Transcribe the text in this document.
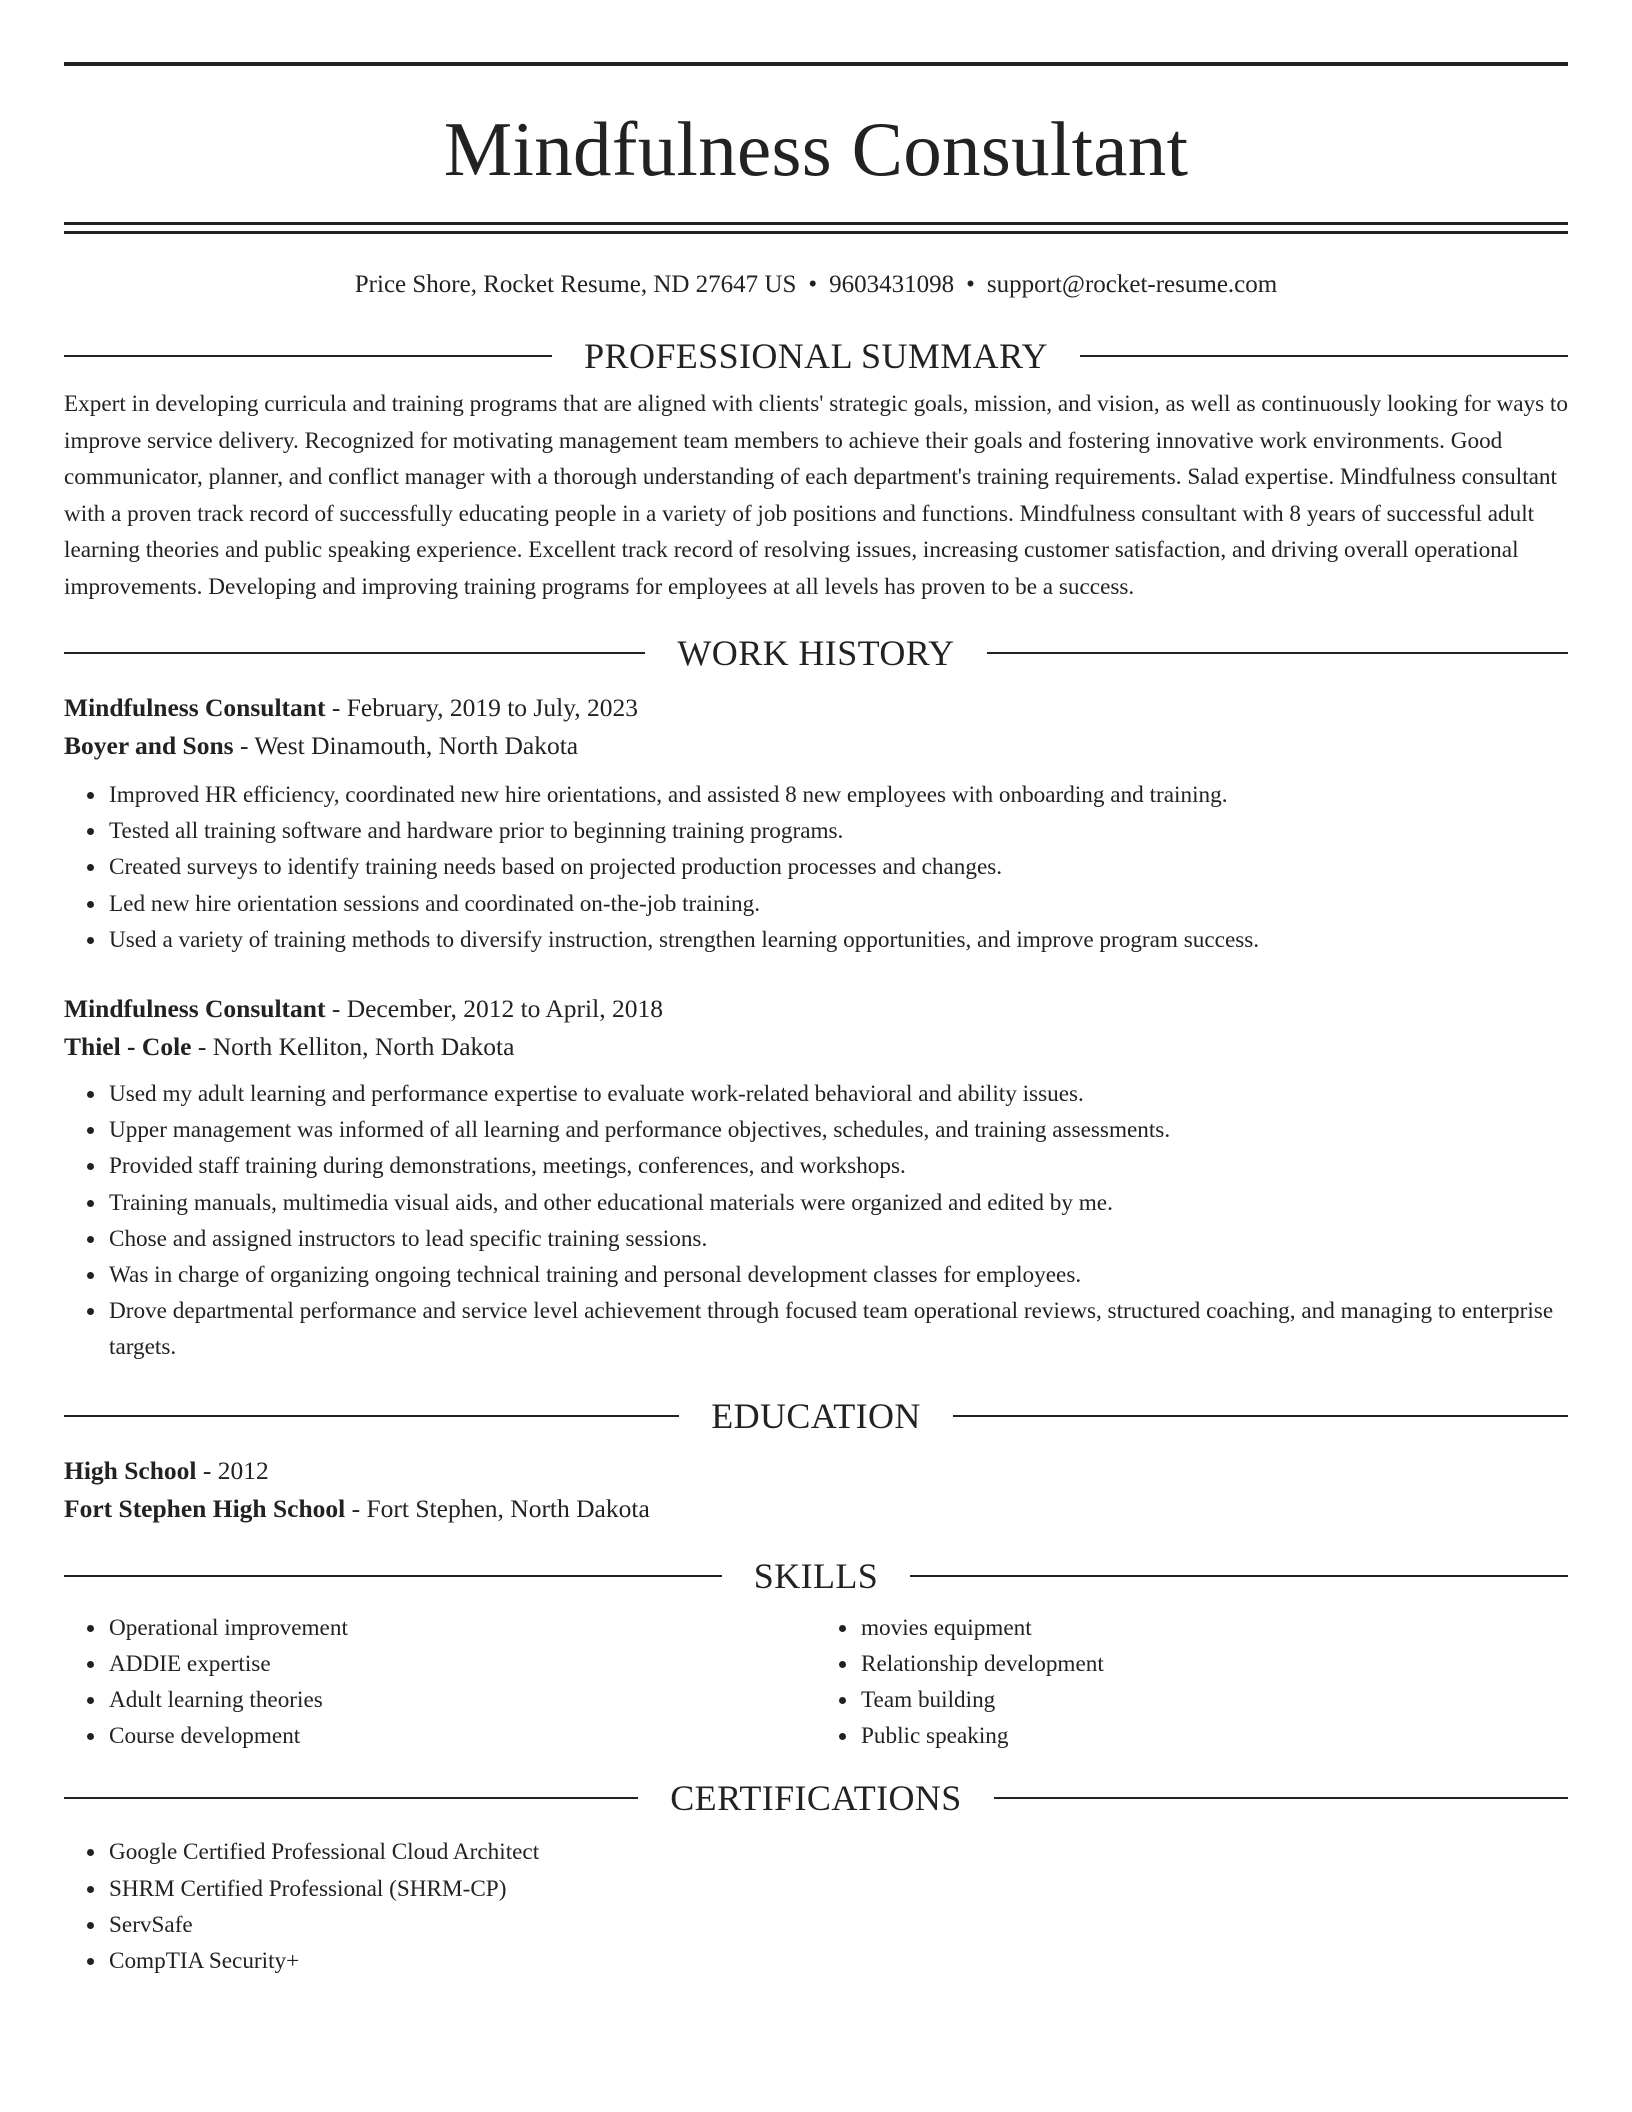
Mindfulness Consultant
Price Shore, Rocket Resume, ND 27647 US • 9603431098 • support@rocket-resume.com
PROFESSIONAL SUMMARY
Expert in developing curricula and training programs that are aligned with clients' strategic goals, mission, and vision, as well as continuously looking for ways to improve service delivery. Recognized for motivating management team members to achieve their goals and fostering innovative work environments. Good communicator, planner, and conflict manager with a thorough understanding of each department's training requirements. Salad expertise. Mindfulness consultant with a proven track record of successfully educating people in a variety of job positions and functions. Mindfulness consultant with 8 years of successful adult learning theories and public speaking experience. Excellent track record of resolving issues, increasing customer satisfaction, and driving overall operational improvements. Developing and improving training programs for employees at all levels has proven to be a success.
WORK HISTORY
Mindfulness Consultant - February, 2019 to July, 2023
Boyer and Sons - West Dinamouth, North Dakota
• Improved HR efficiency, coordinated new hire orientations, and assisted 8 new employees with onboarding and training.
• Tested all training software and hardware prior to beginning training programs.
• Created surveys to identify training needs based on projected production processes and changes.
• Led new hire orientation sessions and coordinated on-the-job training.
• Used a variety of training methods to diversify instruction, strengthen learning opportunities, and improve program success.
Mindfulness Consultant - December, 2012 to April, 2018
Thiel - Cole - North Kelliton, North Dakota
• Used my adult learning and performance expertise to evaluate work-related behavioral and ability issues.
• Upper management was informed of all learning and performance objectives, schedules, and training assessments.
• Provided staff training during demonstrations, meetings, conferences, and workshops.
• Training manuals, multimedia visual aids, and other educational materials were organized and edited by me.
• Chose and assigned instructors to lead specific training sessions.
• Was in charge of organizing ongoing technical training and personal development classes for employees.
• Drove departmental performance and service level achievement through focused team operational reviews, structured coaching, and managing to enterprise targets.
EDUCATION
High School - 2012
Fort Stephen High School - Fort Stephen, North Dakota
SKILLS
• Operational improvement
• ADDIE expertise
• Adult learning theories
• Course development
• movies equipment
• Relationship development
• Team building
• Public speaking
CERTIFICATIONS
• Google Certified Professional Cloud Architect
• SHRM Certified Professional (SHRM-CP)
• ServSafe
• CompTIA Security+
